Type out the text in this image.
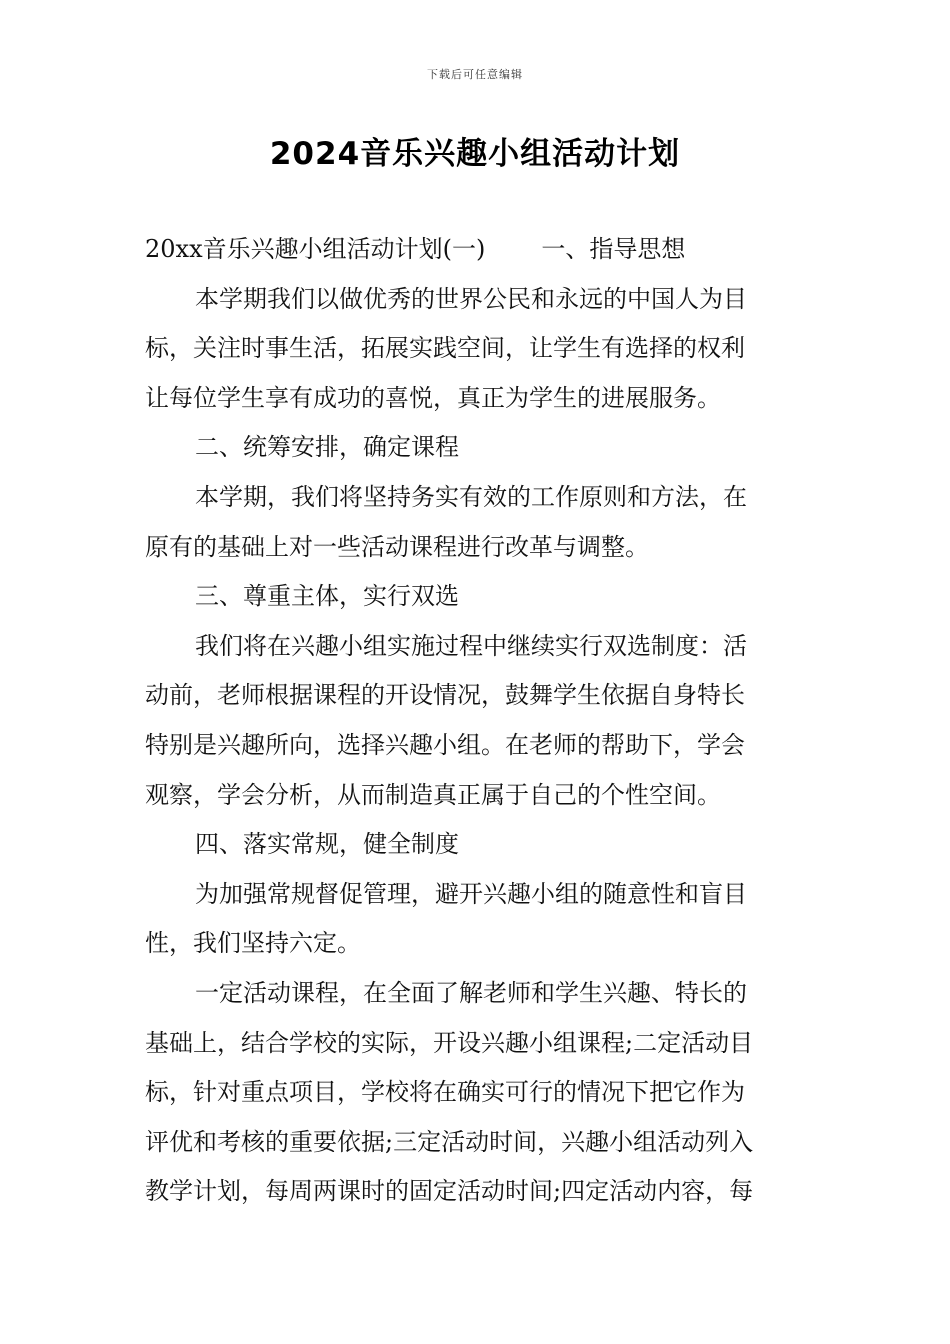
下载后可任意编辑
2024音乐兴趣小组活动计划
20xx音乐兴趣小组活动计划(一) 一、指导思想
本学期我们以做优秀的世界公民和永远的中国人为目
标，关注时事生活，拓展实践空间，让学生有选择的权利
让每位学生享有成功的喜悦，真正为学生的进展服务。
二、统筹安排，确定课程
本学期，我们将坚持务实有效的工作原则和方法，在
原有的基础上对一些活动课程进行改革与调整。
三、尊重主体，实行双选
我们将在兴趣小组实施过程中继续实行双选制度：活
动前，老师根据课程的开设情况，鼓舞学生依据自身特长
特别是兴趣所向，选择兴趣小组。在老师的帮助下，学会
观察，学会分析，从而制造真正属于自己的个性空间。
四、落实常规，健全制度
为加强常规督促管理，避开兴趣小组的随意性和盲目
性，我们坚持六定。
一定活动课程，在全面了解老师和学生兴趣、特长的
基础上，结合学校的实际，开设兴趣小组课程;二定活动目
标，针对重点项目，学校将在确实可行的情况下把它作为
评优和考核的重要依据;三定活动时间，兴趣小组活动列入
教学计划，每周两课时的固定活动时间;四定活动内容，每
